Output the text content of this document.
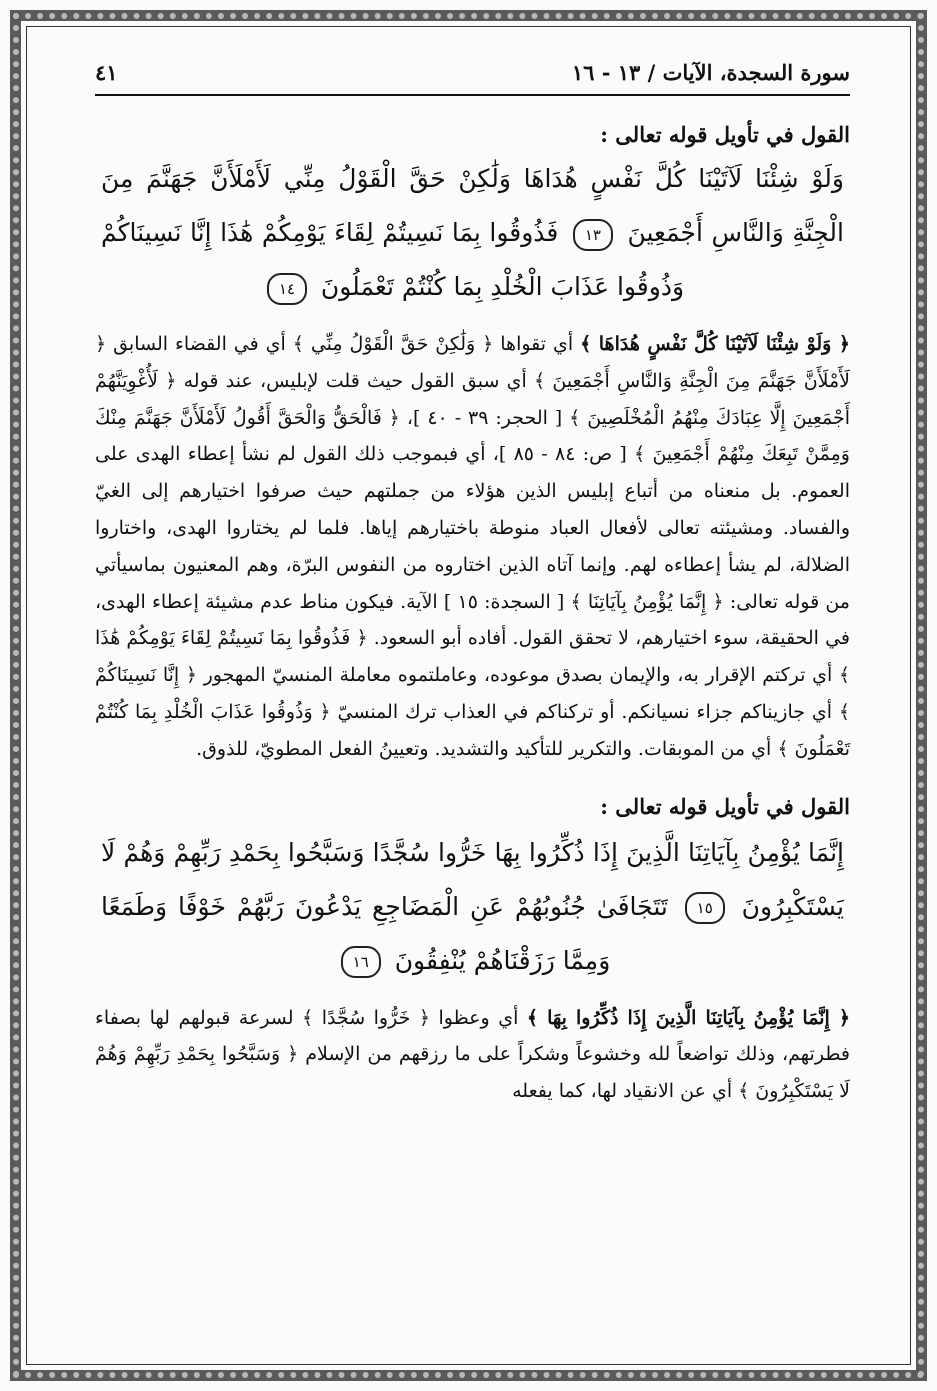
سورة السجدة، الآيات / ١٣ - ١٦
٤١
القول في تأويل قوله تعالى :
وَلَوْ شِئْنَا لَآتَيْنَا كُلَّ نَفْسٍ هُدَاهَا وَلَٰكِنْ حَقَّ الْقَوْلُ مِنِّي لَأَمْلَأَنَّ جَهَنَّمَ مِنَ الْجِنَّةِ وَالنَّاسِ أَجْمَعِينَ ١٣ فَذُوقُوا بِمَا نَسِيتُمْ لِقَاءَ يَوْمِكُمْ هَٰذَا إِنَّا نَسِينَاكُمْ وَذُوقُوا عَذَابَ الْخُلْدِ بِمَا كُنْتُمْ تَعْمَلُونَ ١٤
﴿ وَلَوْ شِئْنَا لَآتَيْنَا كُلَّ نَفْسٍ هُدَاهَا ﴾ أي تقواها ﴿ وَلَٰكِنْ حَقَّ الْقَوْلُ مِنِّي ﴾ أي في القضاء السابق ﴿ لَأَمْلَأَنَّ جَهَنَّمَ مِنَ الْجِنَّةِ وَالنَّاسِ أَجْمَعِينَ ﴾ أي سبق القول حيث قلت لإبليس، عند قوله ﴿ لَأُغْوِيَنَّهُمْ أَجْمَعِينَ إِلَّا عِبَادَكَ مِنْهُمُ الْمُخْلَصِينَ ﴾ [ الحجر: ٣٩ - ٤٠ ]، ﴿ فَالْحَقُّ وَالْحَقَّ أَقُولُ لَأَمْلَأَنَّ جَهَنَّمَ مِنْكَ وَمِمَّنْ تَبِعَكَ مِنْهُمْ أَجْمَعِينَ ﴾ [ ص: ٨٤ - ٨٥ ]، أي فبموجب ذلك القول لم نشأ إعطاء الهدى على العموم. بل منعناه من أتباع إبليس الذين هؤلاء من جملتهم حيث صرفوا اختيارهم إلى الغيّ والفساد. ومشيئته تعالى لأفعال العباد منوطة باختيارهم إياها. فلما لم يختاروا الهدى، واختاروا الضلالة، لم يشأ إعطاءه لهم. وإنما آتاه الذين اختاروه من النفوس البرّة، وهم المعنيون بماسيأتي من قوله تعالى: ﴿ إِنَّمَا يُؤْمِنُ بِآيَاتِنَا ﴾ [ السجدة: ١٥ ] الآية. فيكون مناط عدم مشيئة إعطاء الهدى، في الحقيقة، سوء اختيارهم، لا تحقق القول. أفاده أبو السعود. ﴿ فَذُوقُوا بِمَا نَسِيتُمْ لِقَاءَ يَوْمِكُمْ هَٰذَا ﴾ أي تركتم الإقرار به، والإيمان بصدق موعوده، وعاملتموه معاملة المنسيّ المهجور ﴿ إِنَّا نَسِينَاكُمْ ﴾ أي جازيناكم جزاء نسيانكم. أو تركناكم في العذاب ترك المنسيّ ﴿ وَذُوقُوا عَذَابَ الْخُلْدِ بِمَا كُنْتُمْ تَعْمَلُونَ ﴾ أي من الموبقات. والتكرير للتأكيد والتشديد. وتعيينُ الفعل المطويّ، للذوق.
القول في تأويل قوله تعالى :
إِنَّمَا يُؤْمِنُ بِآيَاتِنَا الَّذِينَ إِذَا ذُكِّرُوا بِهَا خَرُّوا سُجَّدًا وَسَبَّحُوا بِحَمْدِ رَبِّهِمْ وَهُمْ لَا يَسْتَكْبِرُونَ ١٥ تَتَجَافَىٰ جُنُوبُهُمْ عَنِ الْمَضَاجِعِ يَدْعُونَ رَبَّهُمْ خَوْفًا وَطَمَعًا وَمِمَّا رَزَقْنَاهُمْ يُنْفِقُونَ ١٦
﴿ إِنَّمَا يُؤْمِنُ بِآيَاتِنَا الَّذِينَ إِذَا ذُكِّرُوا بِهَا ﴾ أي وعظوا ﴿ خَرُّوا سُجَّدًا ﴾ لسرعة قبولهم لها بصفاء فطرتهم، وذلك تواضعاً لله وخشوعاً وشكراً على ما رزقهم من الإسلام ﴿ وَسَبَّحُوا بِحَمْدِ رَبِّهِمْ وَهُمْ لَا يَسْتَكْبِرُونَ ﴾ أي عن الانقياد لها، كما يفعله
